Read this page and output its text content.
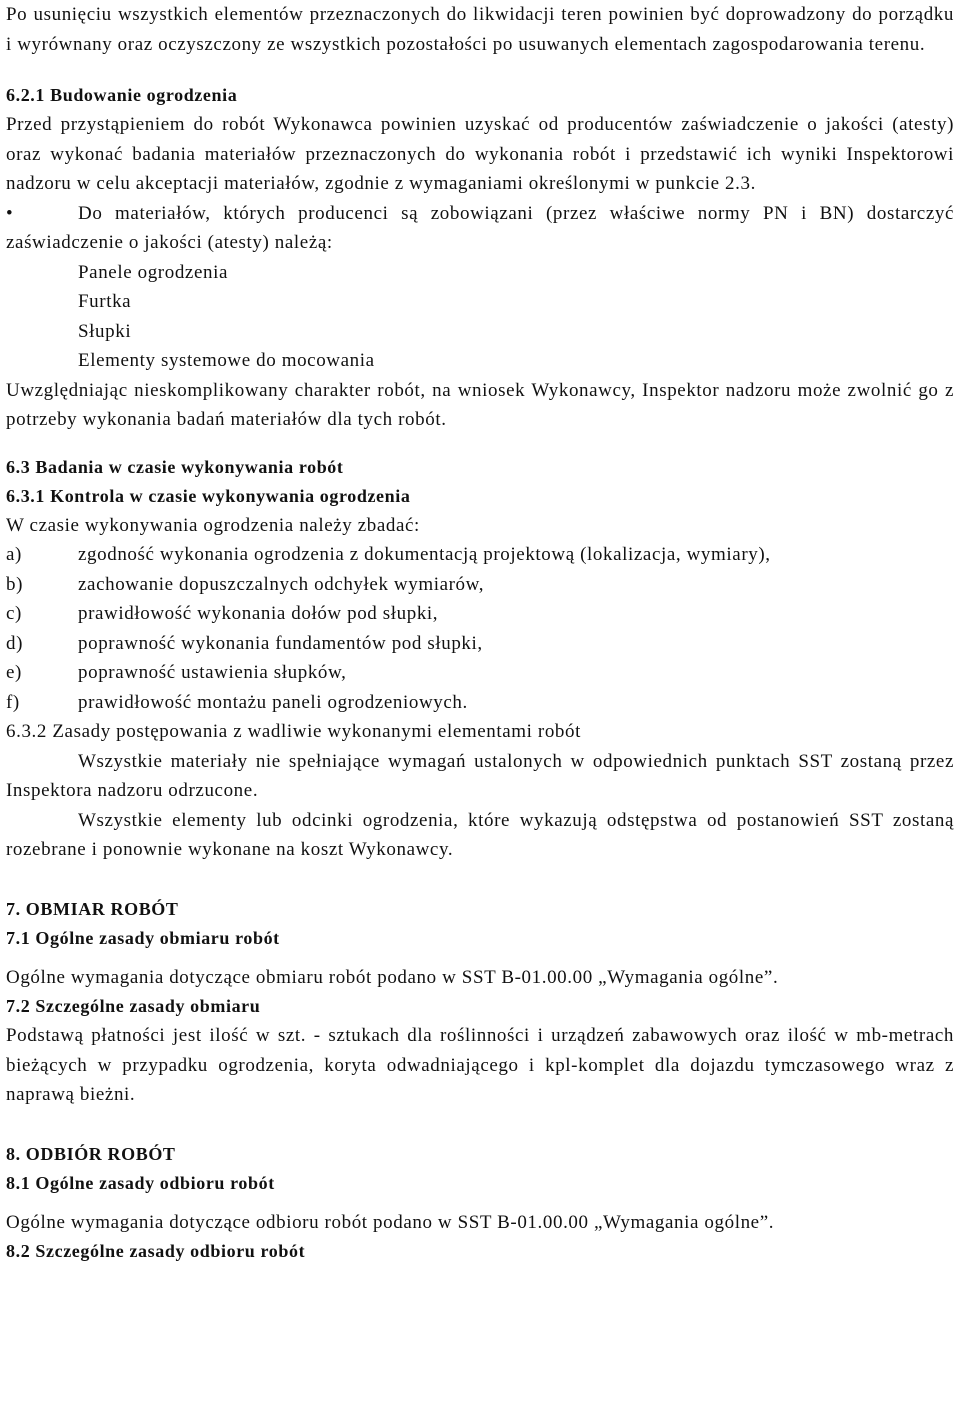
Po usunięciu wszystkich elementów przeznaczonych do likwidacji teren powinien być doprowadzony do porządku i wyrównany oraz oczyszczony ze wszystkich pozostałości po usuwanych elementach zagospodarowania terenu.

6.2.1 Budowanie ogrodzenia

Przed przystąpieniem do robót Wykonawca powinien uzyskać od producentów zaświadczenie o jakości (atesty) oraz wykonać badania materiałów przeznaczonych do wykonania robót i przedstawić ich wyniki Inspektorowi nadzoru w celu akceptacji materiałów, zgodnie z wymaganiami określonymi w punkcie 2.3.

•	Do materiałów, których producenci są zobowiązani (przez właściwe normy PN i BN) dostarczyć zaświadczenie o jakości (atesty) należą:
Panele ogrodzenia
Furtka
Słupki
Elementy systemowe do mocowania

Uwzględniając nieskomplikowany charakter robót, na wniosek Wykonawcy, Inspektor nadzoru może zwolnić go z potrzeby wykonania badań materiałów dla tych robót.

6.3 Badania w czasie wykonywania robót
6.3.1 Kontrola w czasie wykonywania ogrodzenia

W czasie wykonywania ogrodzenia należy zbadać:

a)	zgodność wykonania ogrodzenia z dokumentacją projektową (lokalizacja, wymiary),
b)	zachowanie dopuszczalnych odchyłek wymiarów,
c)	prawidłowość wykonania dołów pod słupki,
d)	poprawność wykonania fundamentów pod słupki,
e)	poprawność ustawienia słupków,
f)	prawidłowość montażu paneli ogrodzeniowych.
6.3.2 Zasady postępowania z wadliwie wykonanymi elementami robót

Wszystkie materiały nie spełniające wymagań ustalonych w odpowiednich punktach SST zostaną przez Inspektora nadzoru odrzucone.

Wszystkie elementy lub odcinki ogrodzenia, które wykazują odstępstwa od postanowień SST zostaną rozebrane i ponownie wykonane na koszt Wykonawcy.

7. OBMIAR ROBÓT
7.1 Ogólne zasady obmiaru robót

Ogólne wymagania dotyczące obmiaru robót podano w SST B-01.00.00 „Wymagania ogólne”.

7.2 Szczególne zasady obmiaru

Podstawą płatności jest ilość w szt. - sztukach dla roślinności i urządzeń zabawowych oraz ilość w mb-metrach bieżących w przypadku ogrodzenia, koryta odwadniającego i kpl-komplet dla dojazdu tymczasowego wraz z naprawą bieżni.

8. ODBIÓR ROBÓT
8.1 Ogólne zasady odbioru robót

Ogólne wymagania dotyczące odbioru robót podano w SST B-01.00.00 „Wymagania ogólne”.

8.2 Szczególne zasady odbioru robót
